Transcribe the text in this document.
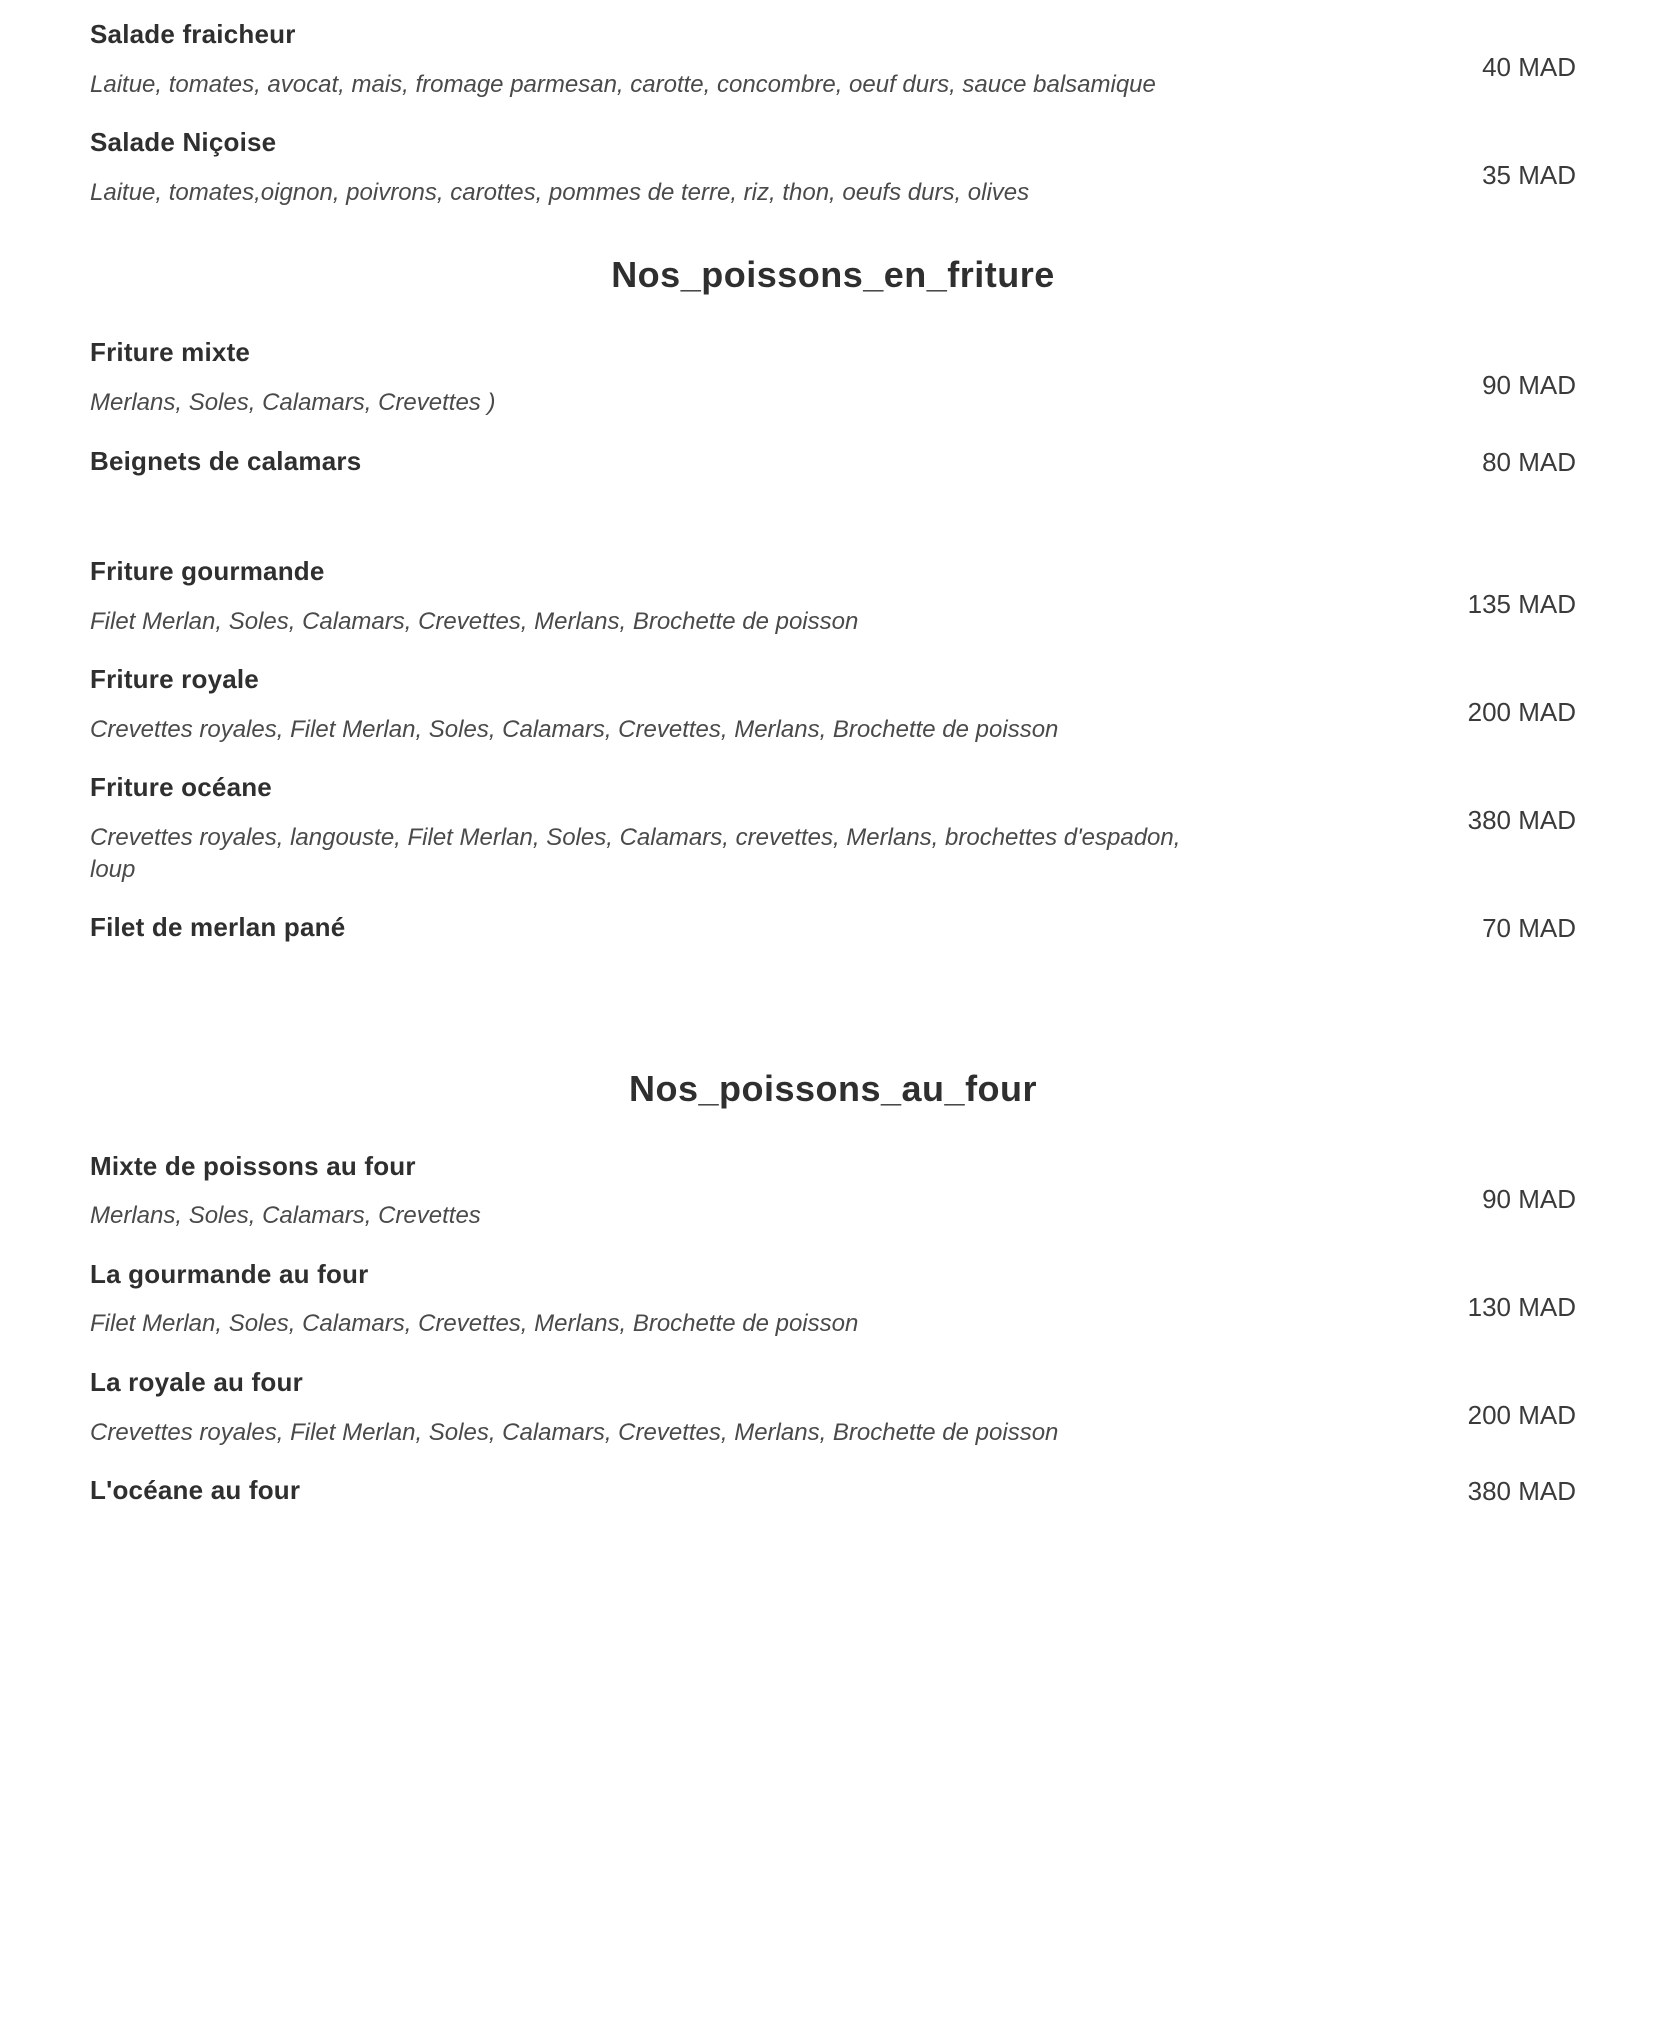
Salade fraicheur
Laitue, tomates, avocat, mais, fromage parmesan, carotte, concombre, oeuf durs, sauce balsamique
40 MAD
Salade Niçoise
Laitue, tomates,oignon, poivrons, carottes, pommes de terre, riz, thon, oeufs durs, olives
35 MAD
Nos_poissons_en_friture
Friture mixte
Merlans, Soles, Calamars, Crevettes )
90 MAD
Beignets de calamars	80 MAD
Friture gourmande
Filet Merlan, Soles, Calamars, Crevettes, Merlans, Brochette de poisson
135 MAD
Friture royale
Crevettes royales, Filet Merlan, Soles, Calamars, Crevettes, Merlans, Brochette de poisson
200 MAD
Friture océane
Crevettes royales, langouste, Filet Merlan, Soles, Calamars, crevettes, Merlans, brochettes d'espadon, loup
380 MAD
Filet de merlan pané	70 MAD
Nos_poissons_au_four
Mixte de poissons au four
Merlans, Soles, Calamars, Crevettes
90 MAD
La gourmande au four
Filet Merlan, Soles, Calamars, Crevettes, Merlans, Brochette de poisson
130 MAD
La royale au four
Crevettes royales, Filet Merlan, Soles, Calamars, Crevettes, Merlans, Brochette de poisson
200 MAD
L'océane au four	380 MAD
